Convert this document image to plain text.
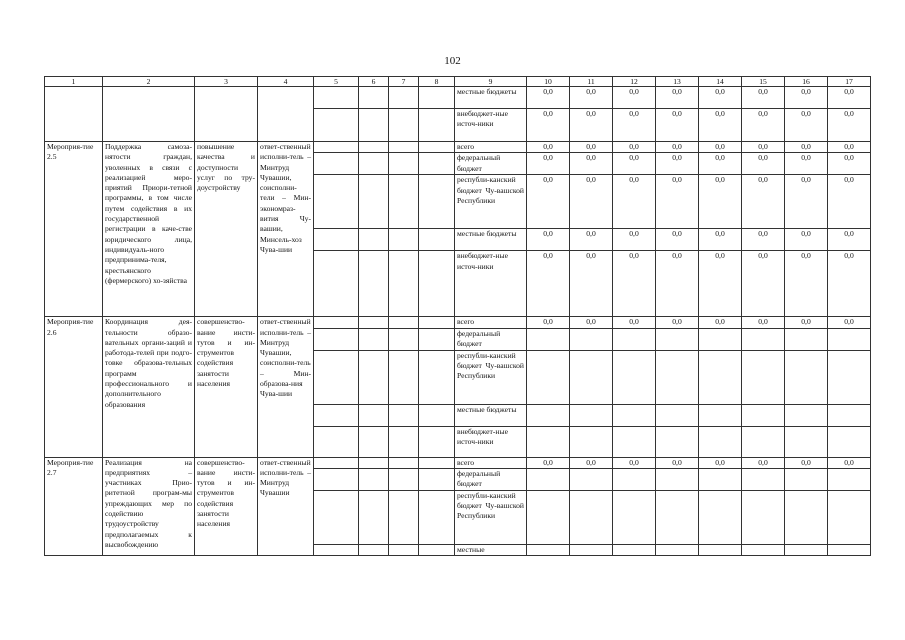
102
1	2	3	4	5	6	7	8	9	10	11	12	13	14	15	16	17
								местные бюджеты	0,0	0,0	0,0	0,0	0,0	0,0	0,0	0,0
								внебюджет-ные источ-ники	0,0	0,0	0,0	0,0	0,0	0,0	0,0	0,0
Мероприя-тие 2.5	Поддержка самоза-нятости граждан, уволенных в связи с реализацией меро-приятий Приори-тетной программы, в том числе путем содействия в их государственной регистрации в каче-стве юридического лица, индивидуаль-ного предпринима-теля, крестьянского (фермерского) хо-зяйства	повышение качества и доступности услуг по тру-доустройству	ответ-ственный исполни-тель – Минтруд Чувашии, соисполни-тели – Мин-экономраз-вития Чу-вашии, Минсель-хоз Чува-шии					всего	0,0	0,0	0,0	0,0	0,0	0,0	0,0	0,0
								федеральный бюджет	0,0	0,0	0,0	0,0	0,0	0,0	0,0	0,0
								республи-канский бюджет Чу-вашской Республики	0,0	0,0	0,0	0,0	0,0	0,0	0,0	0,0
								местные бюджеты	0,0	0,0	0,0	0,0	0,0	0,0	0,0	0,0
								внебюджет-ные источ-ники	0,0	0,0	0,0	0,0	0,0	0,0	0,0	0,0
Мероприя-тие 2.6	Координация дея-тельности образо-вательных органи-заций и работода-телей при подго-товке образова-тельных программ профессионального и дополнительного образования	совершенство-вание инсти-тутов и ин-струментов содействия занятости населения	ответ-ственный исполни-тель – Минтруд Чувашии, соисполни-тель – Мин-образова-ния Чува-шии					всего	0,0	0,0	0,0	0,0	0,0	0,0	0,0	0,0
								федеральный бюджет								
								республи-канский бюджет Чу-вашской Республики								
								местные бюджеты								
								внебюджет-ные источ-ники								
Мероприя-тие 2.7	Реализация на предприятиях – участниках Прио-ритетной програм-мы упреждающих мер по содействию трудоустройству предполагаемых к высвобождению	совершенство-вание инсти-тутов и ин-струментов содействия занятости населения	ответ-ственный исполни-тель – Минтруд Чувашии					всего	0,0	0,0	0,0	0,0	0,0	0,0	0,0	0,0
								федеральный бюджет								
								республи-канский бюджет Чу-вашской Республики								
								местные								
